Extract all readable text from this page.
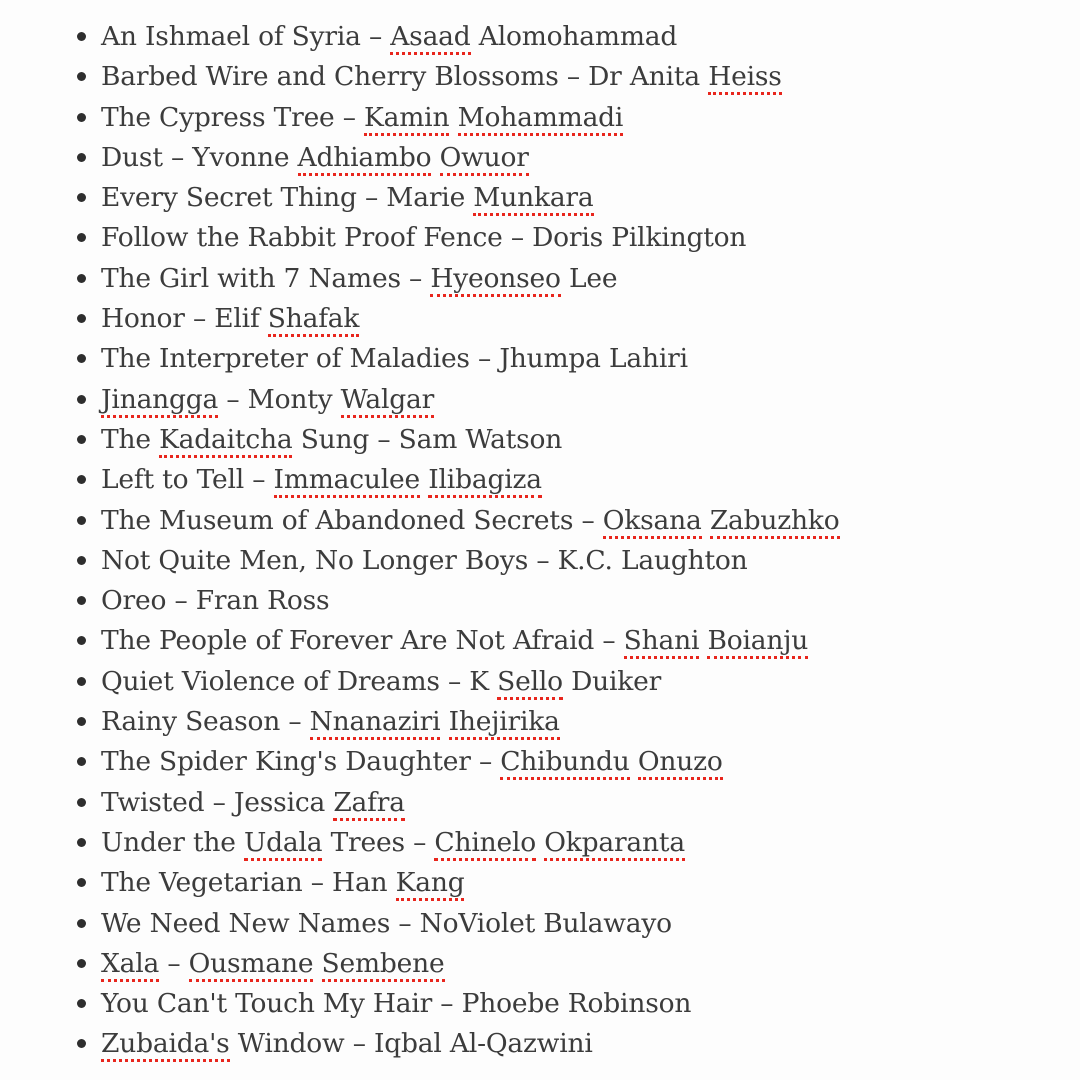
An Ishmael of Syria – Asaad Alomohammad
Barbed Wire and Cherry Blossoms – Dr Anita Heiss
The Cypress Tree – Kamin Mohammadi
Dust – Yvonne Adhiambo Owuor
Every Secret Thing – Marie Munkara
Follow the Rabbit Proof Fence – Doris Pilkington
The Girl with 7 Names – Hyeonseo Lee
Honor – Elif Shafak
The Interpreter of Maladies – Jhumpa Lahiri
Jinangga – Monty Walgar
The Kadaitcha Sung – Sam Watson
Left to Tell – Immaculee Ilibagiza
The Museum of Abandoned Secrets – Oksana Zabuzhko
Not Quite Men, No Longer Boys – K.C. Laughton
Oreo – Fran Ross
The People of Forever Are Not Afraid – Shani Boianju
Quiet Violence of Dreams – K Sello Duiker
Rainy Season – Nnanaziri Ihejirika
The Spider King's Daughter – Chibundu Onuzo
Twisted – Jessica Zafra
Under the Udala Trees – Chinelo Okparanta
The Vegetarian – Han Kang
We Need New Names – NoViolet Bulawayo
Xala – Ousmane Sembene
You Can't Touch My Hair – Phoebe Robinson
Zubaida's Window – Iqbal Al-Qazwini
